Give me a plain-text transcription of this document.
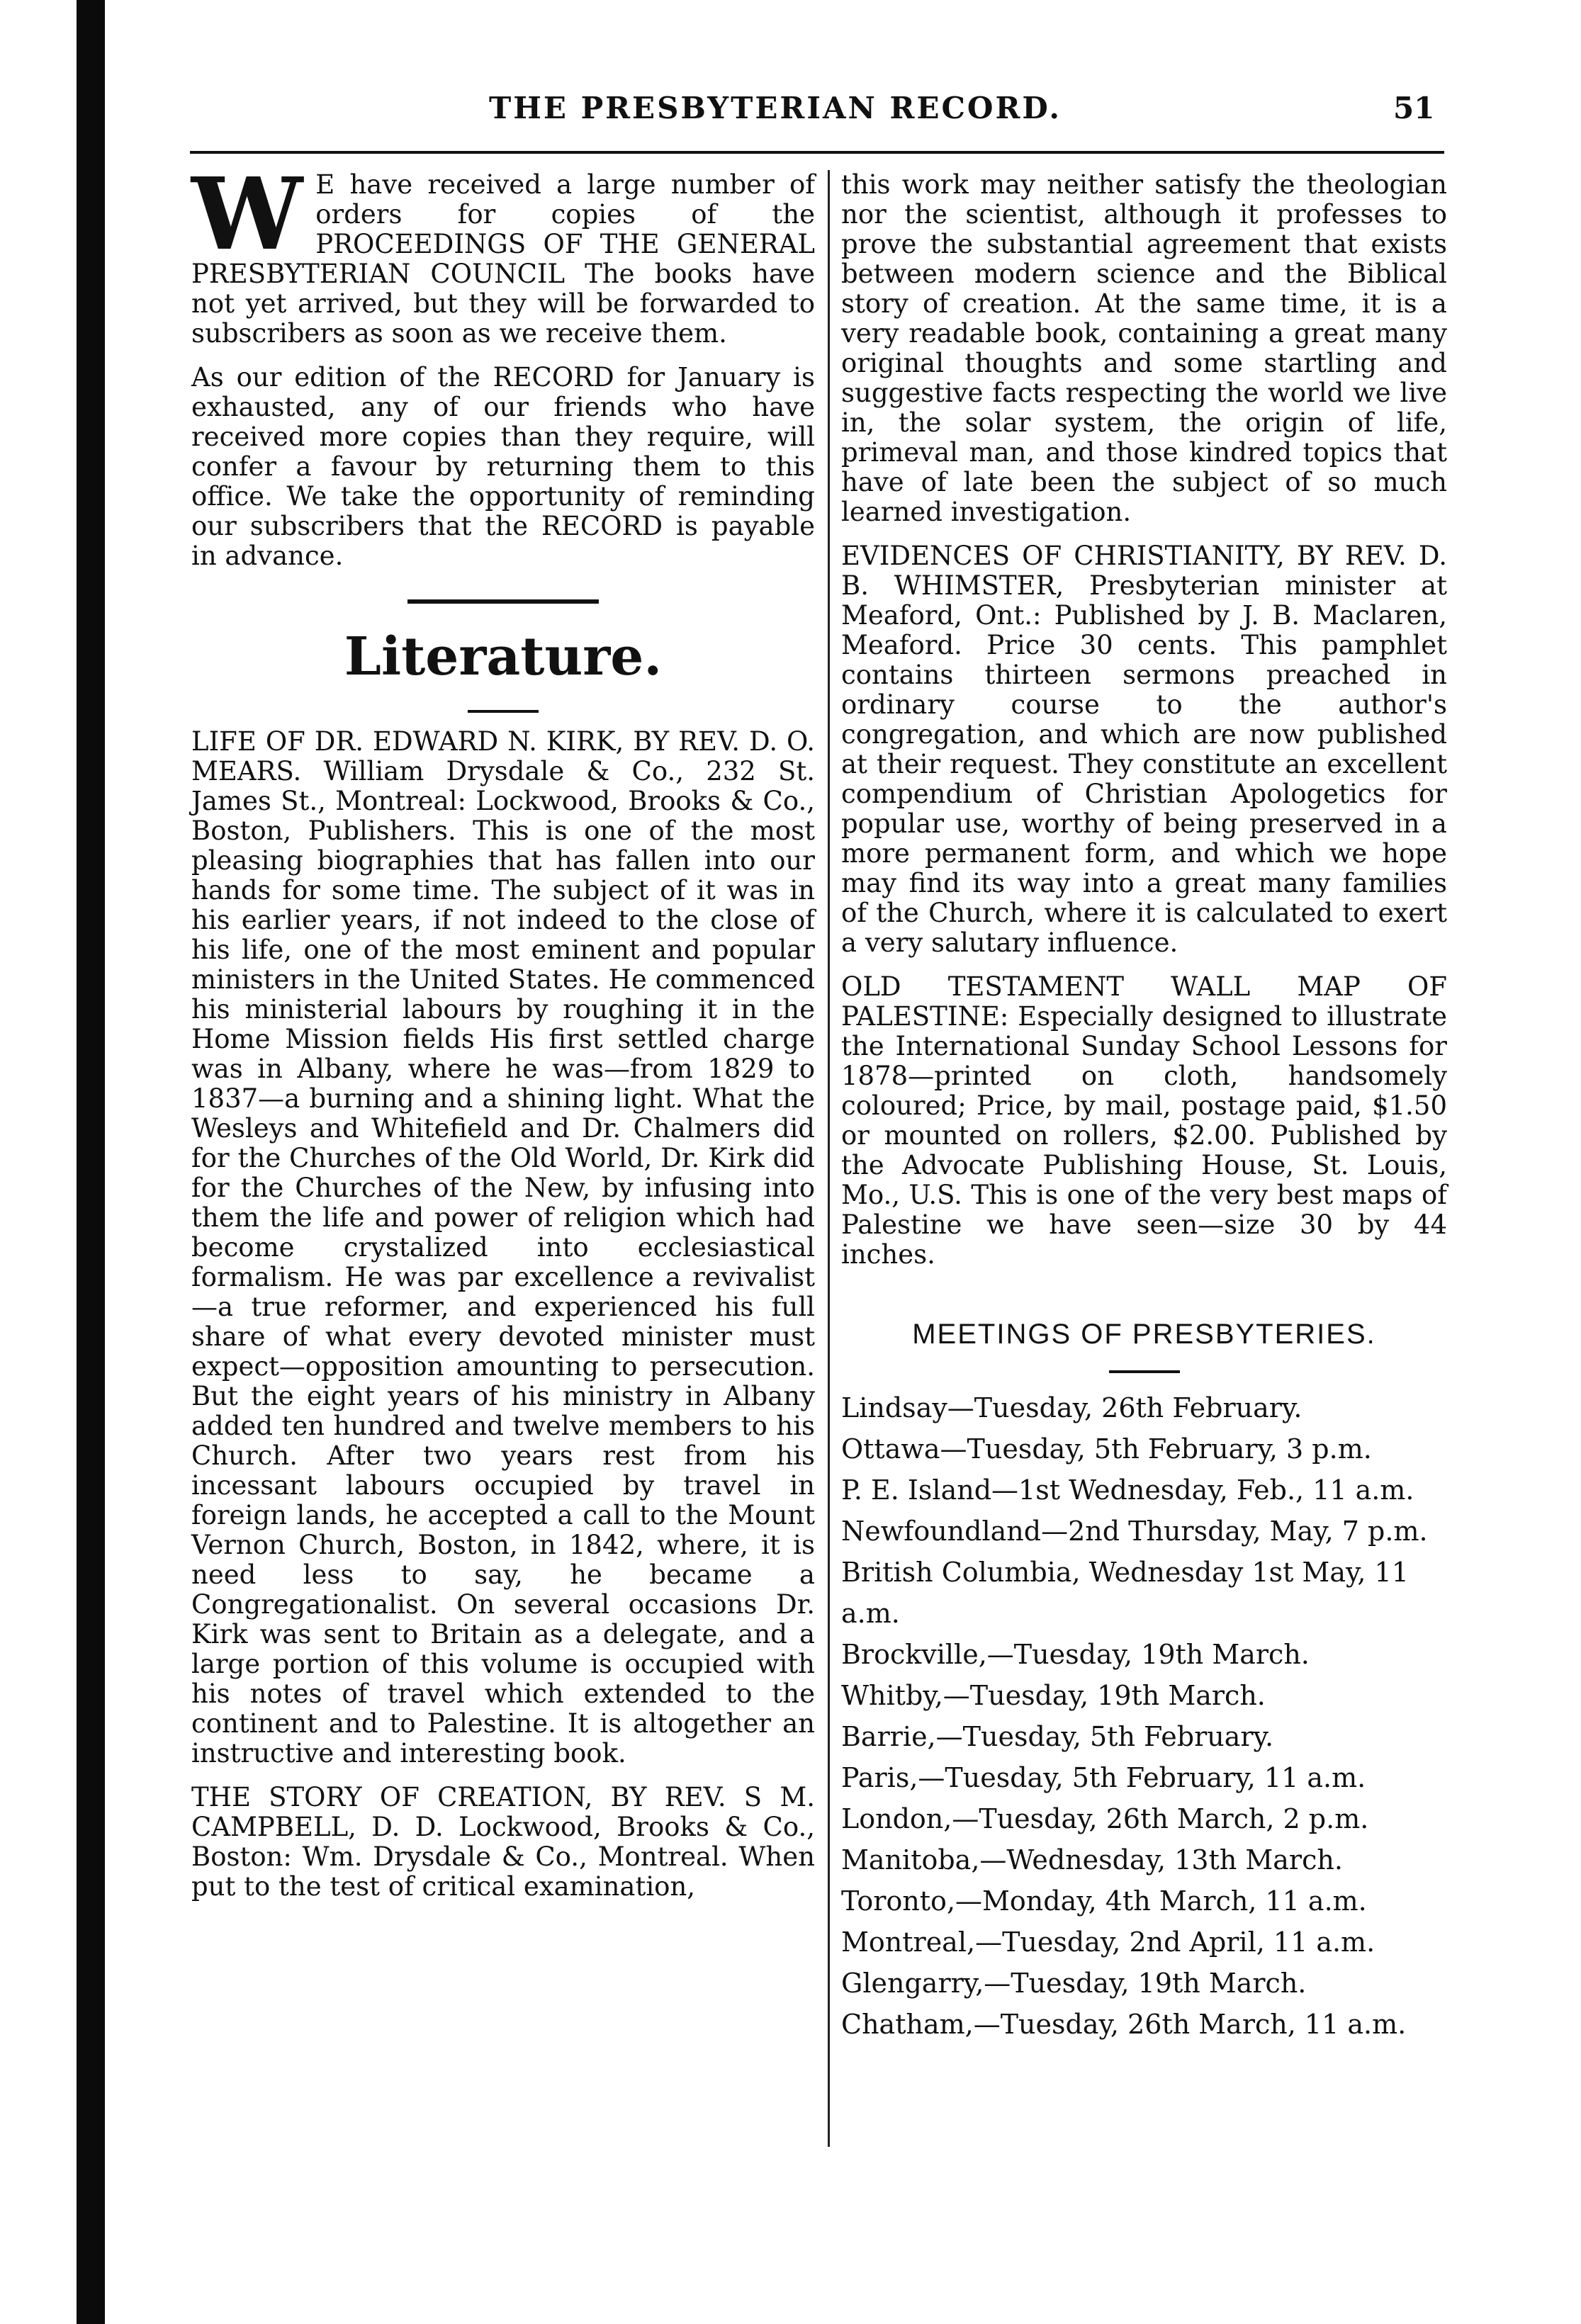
THE PRESBYTERIAN RECORD.	51

W E have received a large number of orders for copies of the PROCEEDINGS OF THE GENERAL PRESBYTERIAN COUNCIL The books have not yet arrived, but they will be forwarded to subscribers as soon as we receive them.

As our edition of the RECORD for January is exhausted, any of our friends who have received more copies than they require, will confer a favour by returning them to this office. We take the opportunity of reminding our subscribers that the RECORD is payable in advance.

Literature.

LIFE OF DR. EDWARD N. KIRK, BY REV. D. O. MEARS. William Drysdale & Co., 232 St. James St., Montreal: Lockwood, Brooks & Co., Boston, Publishers. This is one of the most pleasing biographies that has fallen into our hands for some time. The subject of it was in his earlier years, if not indeed to the close of his life, one of the most eminent and popular ministers in the United States. He commenced his ministerial labours by roughing it in the Home Mission fields His first settled charge was in Albany, where he was—from 1829 to 1837—a burning and a shining light. What the Wesleys and Whitefield and Dr. Chalmers did for the Churches of the Old World, Dr. Kirk did for the Churches of the New, by infusing into them the life and power of religion which had become crystalized into ecclesiastical formalism. He was par excellence a revivalist—a true reformer, and experienced his full share of what every devoted minister must expect—opposition amounting to persecution. But the eight years of his ministry in Albany added ten hundred and twelve members to his Church. After two years rest from his incessant labours occupied by travel in foreign lands, he accepted a call to the Mount Vernon Church, Boston, in 1842, where, it is need less to say, he became a Congregationalist. On several occasions Dr. Kirk was sent to Britain as a delegate, and a large portion of this volume is occupied with his notes of travel which extended to the continent and to Palestine. It is altogether an instructive and interesting book.

THE STORY OF CREATION, BY REV. S M. CAMPBELL, D. D. Lockwood, Brooks & Co., Boston: Wm. Drysdale & Co., Montreal. When put to the test of critical examination,

this work may neither satisfy the theologian nor the scientist, although it professes to prove the substantial agreement that exists between modern science and the Biblical story of creation. At the same time, it is a very readable book, containing a great many original thoughts and some startling and suggestive facts respecting the world we live in, the solar system, the origin of life, primeval man, and those kindred topics that have of late been the subject of so much learned investigation.

EVIDENCES OF CHRISTIANITY, BY REV. D. B. WHIMSTER, Presbyterian minister at Meaford, Ont.: Published by J. B. Maclaren, Meaford. Price 30 cents. This pamphlet contains thirteen sermons preached in ordinary course to the author's congregation, and which are now published at their request. They constitute an excellent compendium of Christian Apologetics for popular use, worthy of being preserved in a more permanent form, and which we hope may find its way into a great many families of the Church, where it is calculated to exert a very salutary influence.

OLD TESTAMENT WALL MAP OF PALESTINE: Especially designed to illustrate the International Sunday School Lessons for 1878—printed on cloth, handsomely coloured; Price, by mail, postage paid, $1.50 or mounted on rollers, $2.00. Published by the Advocate Publishing House, St. Louis, Mo., U.S. This is one of the very best maps of Palestine we have seen—size 30 by 44 inches.

MEETINGS OF PRESBYTERIES.
Lindsay—Tuesday, 26th February.
Ottawa—Tuesday, 5th February, 3 p.m.
P. E. Island—1st Wednesday, Feb., 11 a.m.
Newfoundland—2nd Thursday, May, 7 p.m.
British Columbia, Wednesday 1st May, 11 a.m.
Brockville,—Tuesday, 19th March.
Whitby,—Tuesday, 19th March.
Barrie,—Tuesday, 5th February.
Paris,—Tuesday, 5th February, 11 a.m.
London,—Tuesday, 26th March, 2 p.m.
Manitoba,—Wednesday, 13th March.
Toronto,—Monday, 4th March, 11 a.m.
Montreal,—Tuesday, 2nd April, 11 a.m.
Glengarry,—Tuesday, 19th March.
Chatham,—Tuesday, 26th March, 11 a.m.
